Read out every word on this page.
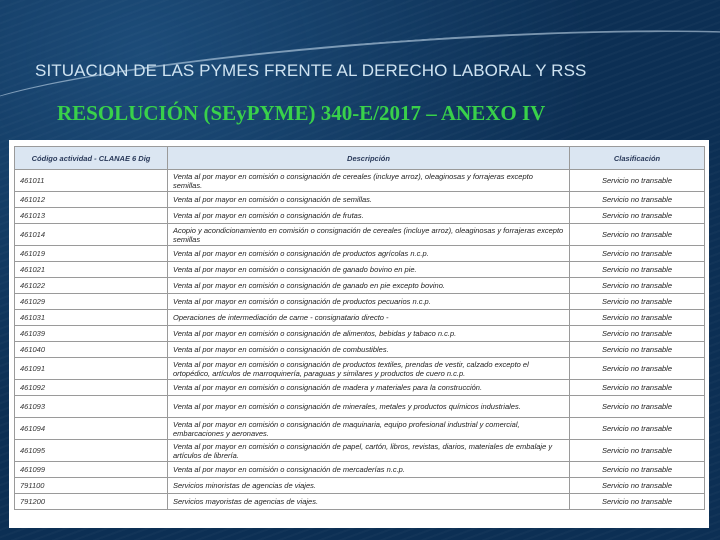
SITUACION DE LAS PYMES FRENTE AL DERECHO LABORAL Y RSS
RESOLUCIÓN (SEyPYME) 340-E/2017 – ANEXO IV
Código actividad - CLANAE 6 Dig	Descripción	Clasificación
461011	Venta al por mayor en comisión o consignación de cereales (incluye arroz), oleaginosas y forrajeras excepto semillas.	Servicio no transable
461012	Venta al por mayor en comisión o consignación de semillas.	Servicio no transable
461013	Venta al por mayor en comisión o consignación de frutas.	Servicio no transable
461014	Acopio y acondicionamiento en comisión o consignación de cereales (incluye arroz), oleaginosas y forrajeras excepto semillas	Servicio no transable
461019	Venta al por mayor en comisión o consignación de productos agrícolas n.c.p.	Servicio no transable
461021	Venta al por mayor en comisión o consignación de ganado bovino en pie.	Servicio no transable
461022	Venta al por mayor en comisión o consignación de ganado en pie excepto bovino.	Servicio no transable
461029	Venta al por mayor en comisión o consignación de productos pecuarios n.c.p.	Servicio no transable
461031	Operaciones de intermediación de carne - consignatario directo -	Servicio no transable
461039	Venta al por mayor en comisión o consignación de alimentos, bebidas y tabaco n.c.p.	Servicio no transable
461040	Venta al por mayor en comisión o consignación de combustibles.	Servicio no transable
461091	Venta al por mayor en comisión o consignación de productos textiles, prendas de vestir, calzado excepto el ortopédico, artículos de marroquinería, paraguas y similares y productos de cuero n.c.p.	Servicio no transable
461092	Venta al por mayor en comisión o consignación de madera y materiales para la construcción.	Servicio no transable
461093	Venta al por mayor en comisión o consignación de minerales, metales y productos químicos industriales.	Servicio no transable
461094	Venta al por mayor en comisión o consignación de maquinaria, equipo profesional industrial y comercial, embarcaciones y aeronaves.	Servicio no transable
461095	Venta al por mayor en comisión o consignación de papel, cartón, libros, revistas, diarios, materiales de embalaje y artículos de librería.	Servicio no transable
461099	Venta al por mayor en comisión o consignación de mercaderías n.c.p.	Servicio no transable
791100	Servicios minoristas de agencias de viajes.	Servicio no transable
791200	Servicios mayoristas de agencias de viajes.	Servicio no transable
